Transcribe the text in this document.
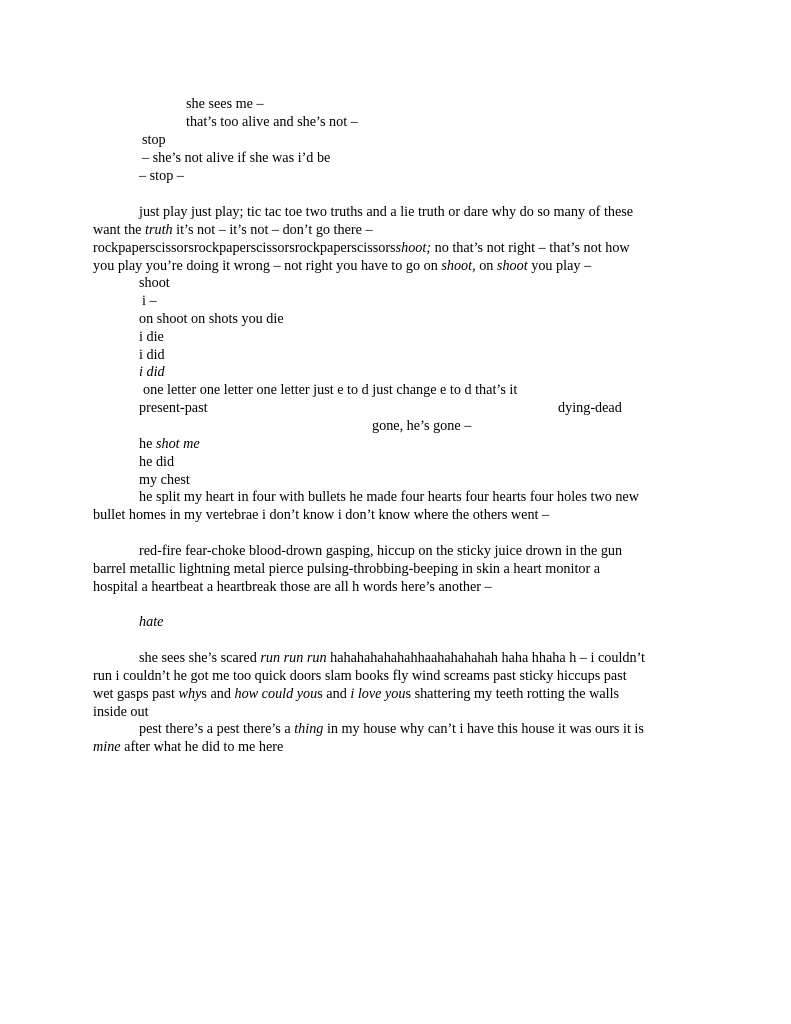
she sees me –
that’s too alive and she’s not –
stop
– she’s not alive if she was i’d be
– stop –
just play just play; tic tac toe two truths and a lie truth or dare why do so many of these
want the truth it’s not – it’s not – don’t go there –
rockpaperscissorsrockpaperscissorsrockpaperscissorsshoot; no that’s not right – that’s not how
you play you’re doing it wrong – not right you have to go on shoot, on shoot you play –
shoot
i –
on shoot on shots you die
i die
i did
i did
one letter one letter one letter just e to d just change e to d that’s it
present-past	dying-dead
gone, he’s gone –
he shot me
he did
my chest
he split my heart in four with bullets he made four hearts four hearts four holes two new
bullet homes in my vertebrae i don’t know i don’t know where the others went –
red-fire fear-choke blood-drown gasping, hiccup on the sticky juice drown in the gun
barrel metallic lightning metal pierce pulsing-throbbing-beeping in skin a heart monitor a
hospital a heartbeat a heartbreak those are all h words here’s another –
hate
she sees she’s scared run run run hahahahahahahhaahahahahah haha hhaha h – i couldn’t
run i couldn’t he got me too quick doors slam books fly wind screams past sticky hiccups past
wet gasps past whys and how could yous and i love yous shattering my teeth rotting the walls
inside out
pest there’s a pest there’s a thing in my house why can’t i have this house it was ours it is
mine after what he did to me here
